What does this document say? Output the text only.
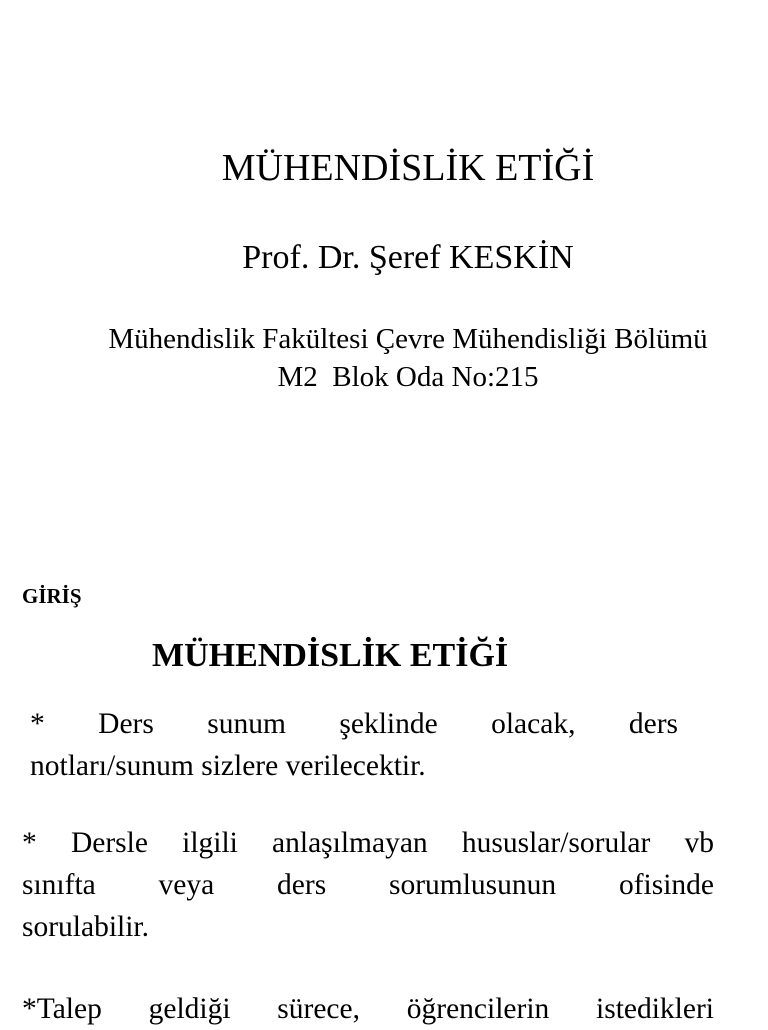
MÜHENDİSLİK ETİĞİ
Prof. Dr. Şeref KESKİN
Mühendislik Fakültesi Çevre Mühendisliği Bölümü
M2  Blok Oda No:215
GİRİŞ
MÜHENDİSLİK ETİĞİ
* Ders sunum şeklinde olacak, ders
notları/sunum sizlere verilecektir.
* Dersle ilgili anlaşılmayan hususlar/sorular vb
sınıfta veya ders sorumlusunun ofisinde
sorulabilir.
*Talep geldiği sürece, öğrencilerin istedikleri
